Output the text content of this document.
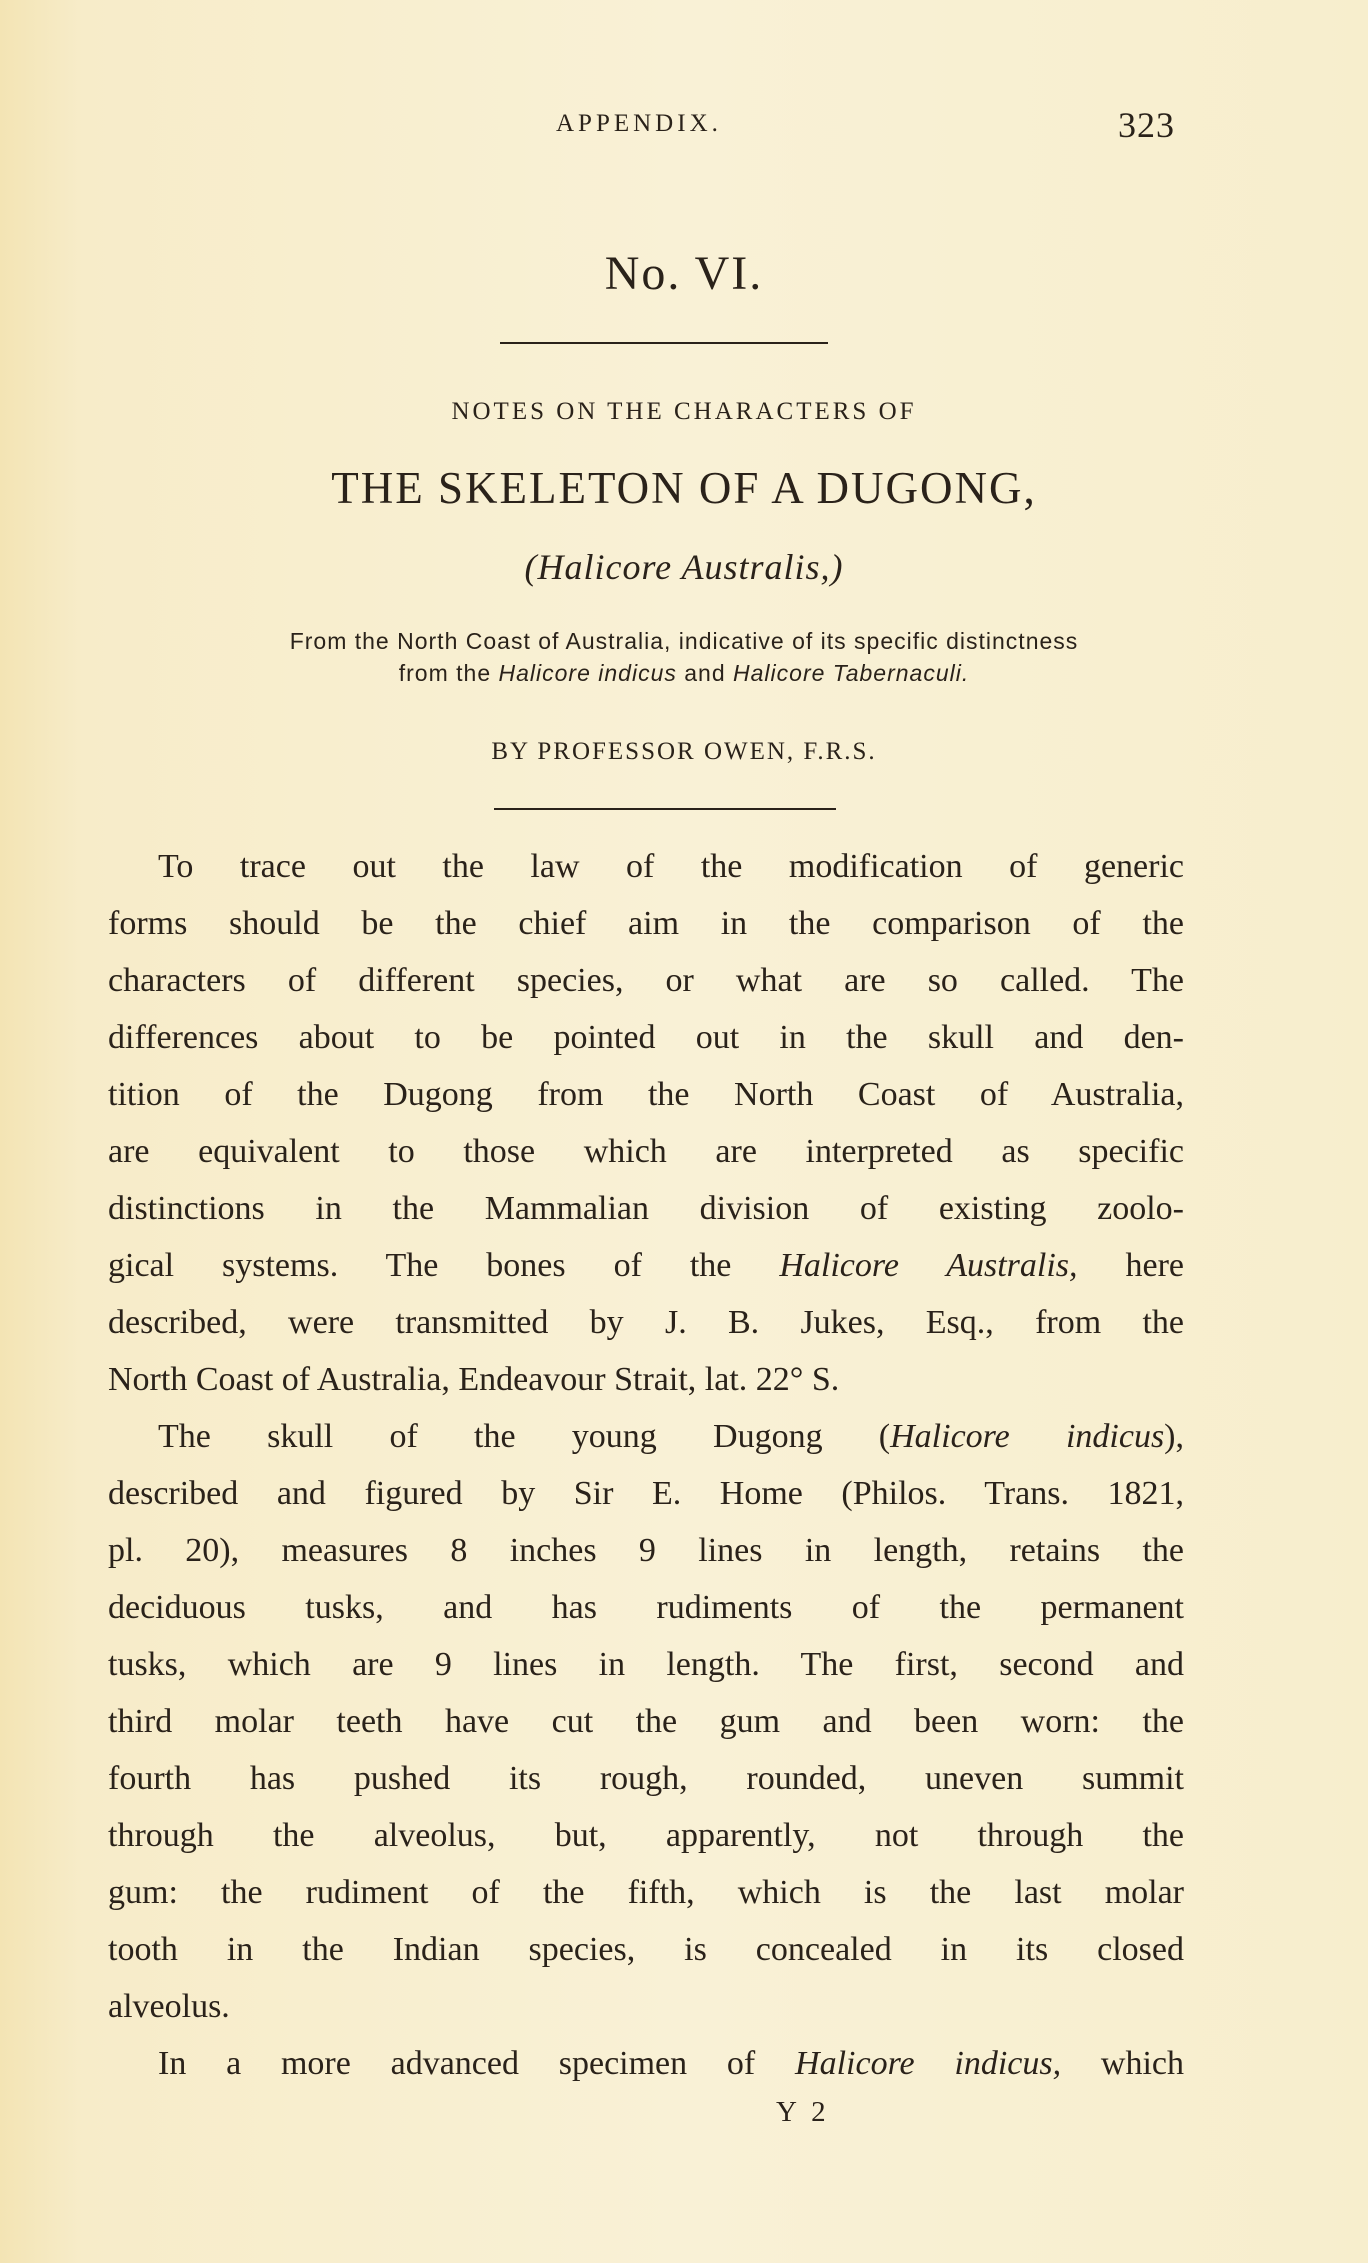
APPENDIX.	323
No. VI.
NOTES ON THE CHARACTERS OF
THE SKELETON OF A DUGONG,
(Halicore Australis,)
From the North Coast of Australia, indicative of its specific distinctness
from the Halicore indicus and Halicore Tabernaculi.
BY PROFESSOR OWEN, F.R.S.
To trace out the law of the modification of generic
forms should be the chief aim in the comparison of the
characters of different species, or what are so called. The
differences about to be pointed out in the skull and den-
tition of the Dugong from the North Coast of Australia,
are equivalent to those which are interpreted as specific
distinctions in the Mammalian division of existing zoolo-
gical systems. The bones of the Halicore Australis, here
described, were transmitted by J. B. Jukes, Esq., from the
North Coast of Australia, Endeavour Strait, lat. 22° S.
The skull of the young Dugong (Halicore indicus),
described and figured by Sir E. Home (Philos. Trans. 1821,
pl. 20), measures 8 inches 9 lines in length, retains the
deciduous tusks, and has rudiments of the permanent
tusks, which are 9 lines in length. The first, second and
third molar teeth have cut the gum and been worn: the
fourth has pushed its rough, rounded, uneven summit
through the alveolus, but, apparently, not through the
gum: the rudiment of the fifth, which is the last molar
tooth in the Indian species, is concealed in its closed
alveolus.
In a more advanced specimen of Halicore indicus, which
Y 2
